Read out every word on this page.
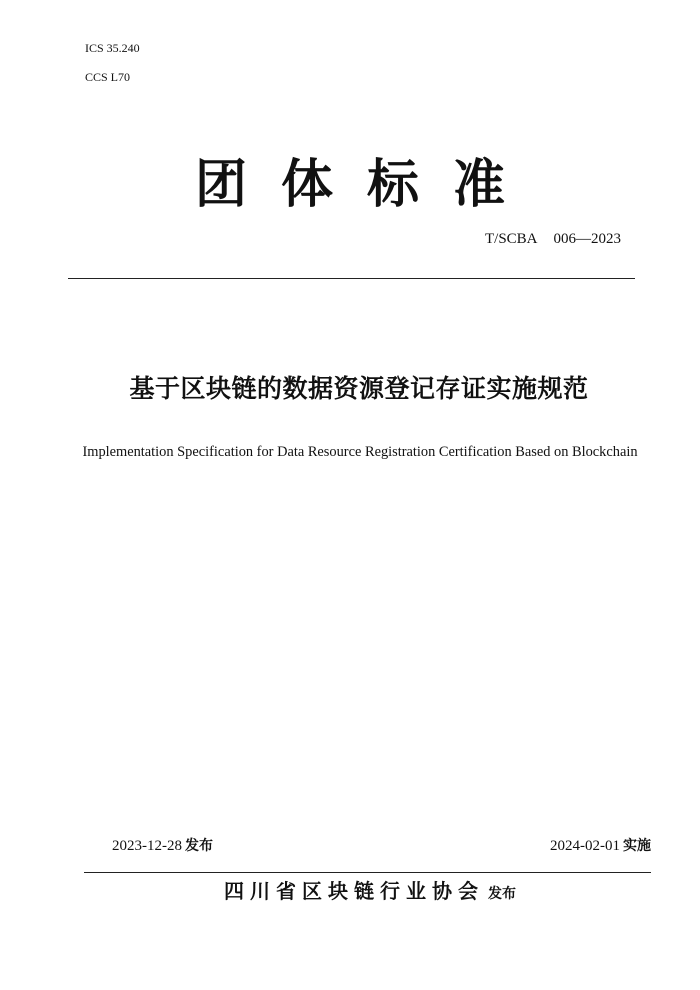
ICS 35.240
CCS L70
团 体 标 准
T/SCBA 006—2023
基于区块链的数据资源登记存证实施规范
Implementation Specification for Data Resource Registration Certification Based on Blockchain
2023-12-28 发布	2024-02-01 实施
四川省区块链行业协会 发布
